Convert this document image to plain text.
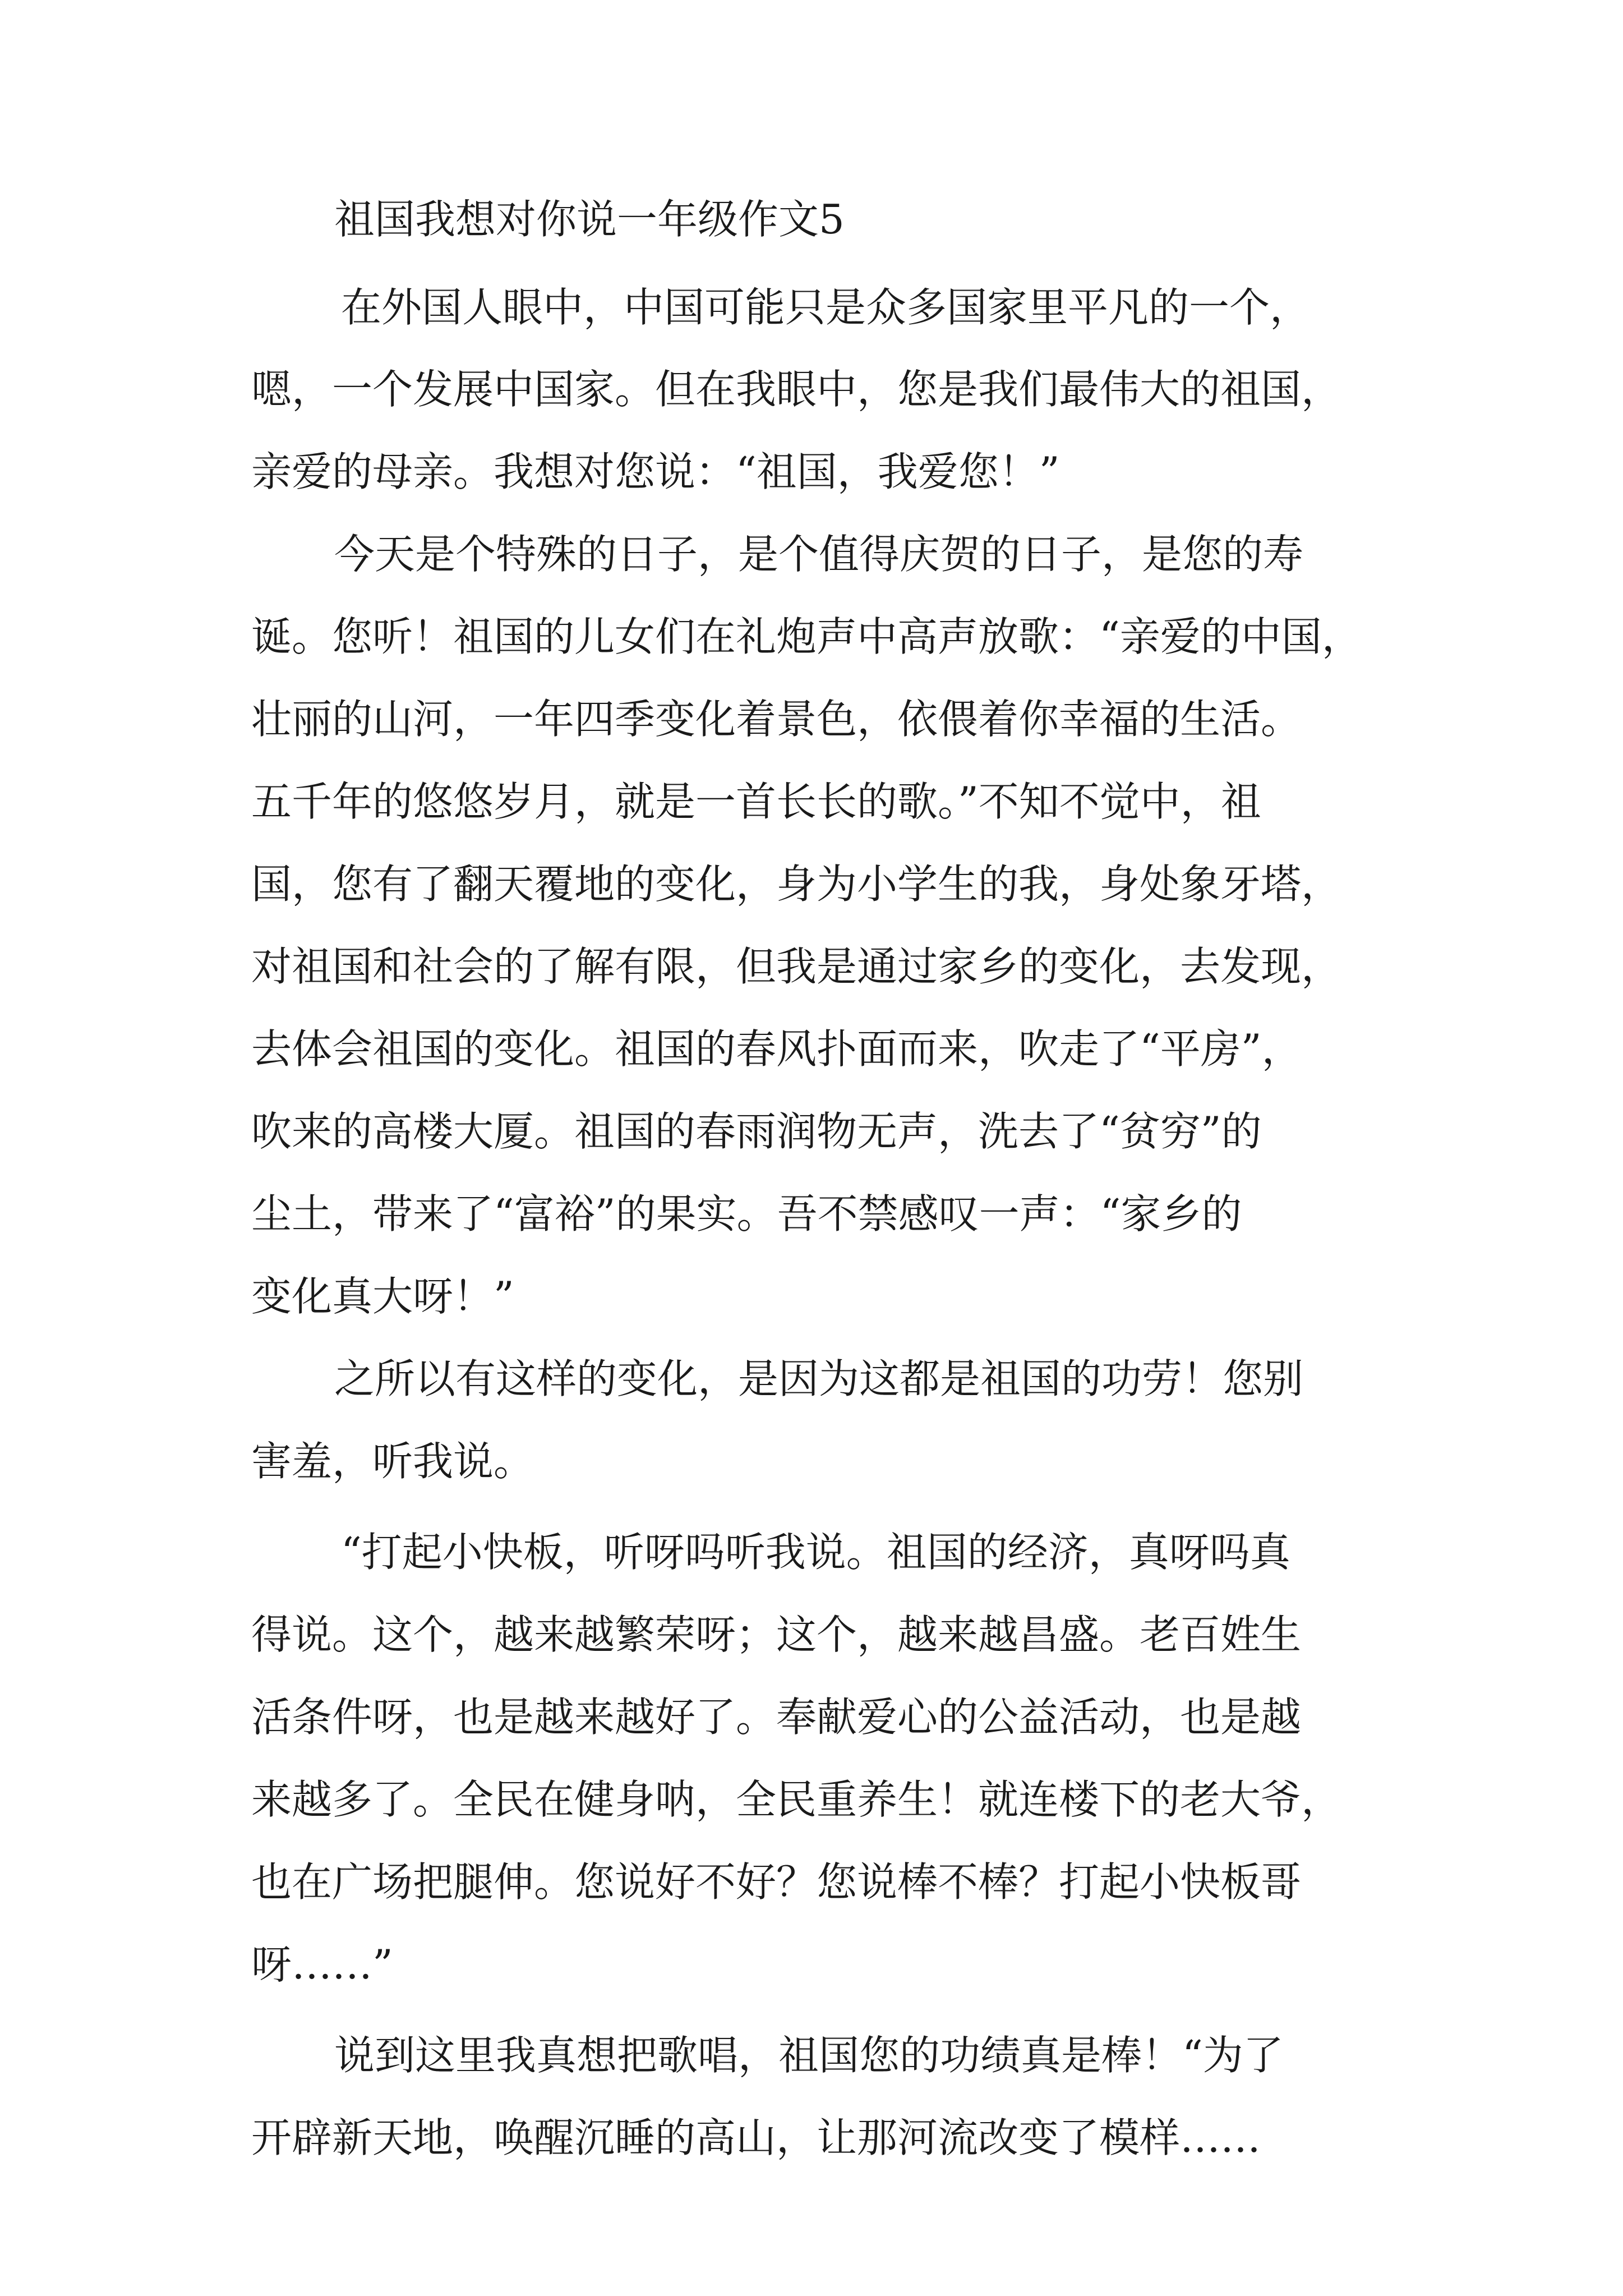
祖国我想对你说一年级作文5
在外国人眼中，中国可能只是众多国家里平凡的一个，
嗯，一个发展中国家。但在我眼中，您是我们最伟大的祖国，
亲爱的母亲。我想对您说：“祖国，我爱您！”
今天是个特殊的日子，是个值得庆贺的日子，是您的寿
诞。您听！祖国的儿女们在礼炮声中高声放歌：“亲爱的中国，
壮丽的山河，一年四季变化着景色，依偎着你幸福的生活。
五千年的悠悠岁月，就是一首长长的歌。”不知不觉中，祖
国，您有了翻天覆地的变化，身为小学生的我，身处象牙塔，
对祖国和社会的了解有限，但我是通过家乡的变化，去发现，
去体会祖国的变化。祖国的春风扑面而来，吹走了“平房”，
吹来的高楼大厦。祖国的春雨润物无声，洗去了“贫穷”的
尘土，带来了“富裕”的果实。吾不禁感叹一声：“家乡的
变化真大呀！”
之所以有这样的变化，是因为这都是祖国的功劳！您别
害羞，听我说。
“打起小快板，听呀吗听我说。祖国的经济，真呀吗真
得说。这个，越来越繁荣呀；这个，越来越昌盛。老百姓生
活条件呀，也是越来越好了。奉献爱心的公益活动，也是越
来越多了。全民在健身呐，全民重养生！就连楼下的老大爷，
也在广场把腿伸。您说好不好？您说棒不棒？打起小快板哥
呀……”
说到这里我真想把歌唱，祖国您的功绩真是棒！“为了
开辟新天地，唤醒沉睡的高山，让那河流改变了模样……
